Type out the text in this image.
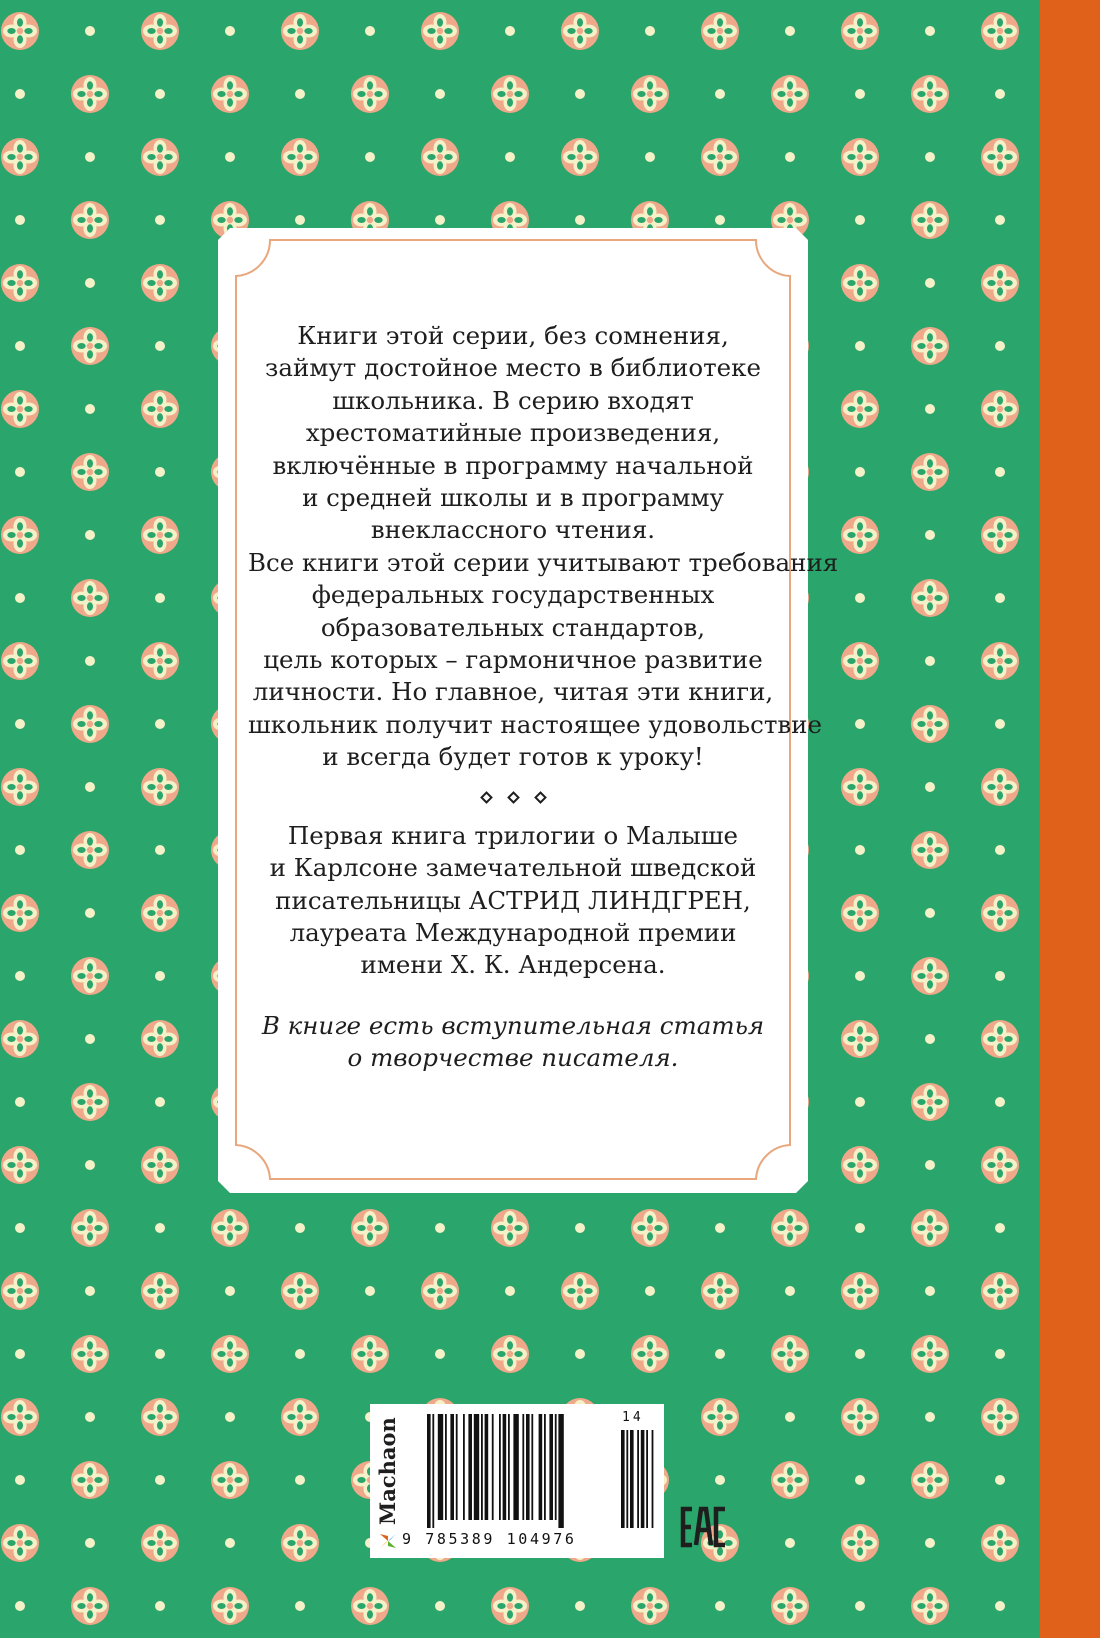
Книги этой серии, без сомнения,
займут достойное место в библиотеке
школьника. В серию входят
хрестоматийные произведения,
включённые в программу начальной
и средней школы и в программу
внеклассного чтения.
Все книги этой серии учитывают требования
федеральных государственных
образовательных стандартов,
цель которых – гармоничное развитие
личности. Но главное, читая эти книги,
школьник получит настоящее удовольствие
и всегда будет готов к уроку!

Первая книга трилогии о Малыше
и Карлсоне замечательной шведской
писательницы АСТРИД ЛИНДГРЕН,
лауреата Международной премии
имени Х. К. Андерсена.

В книге есть вступительная статья
о творчестве писателя.

Machaon	14
9 785389 104976
